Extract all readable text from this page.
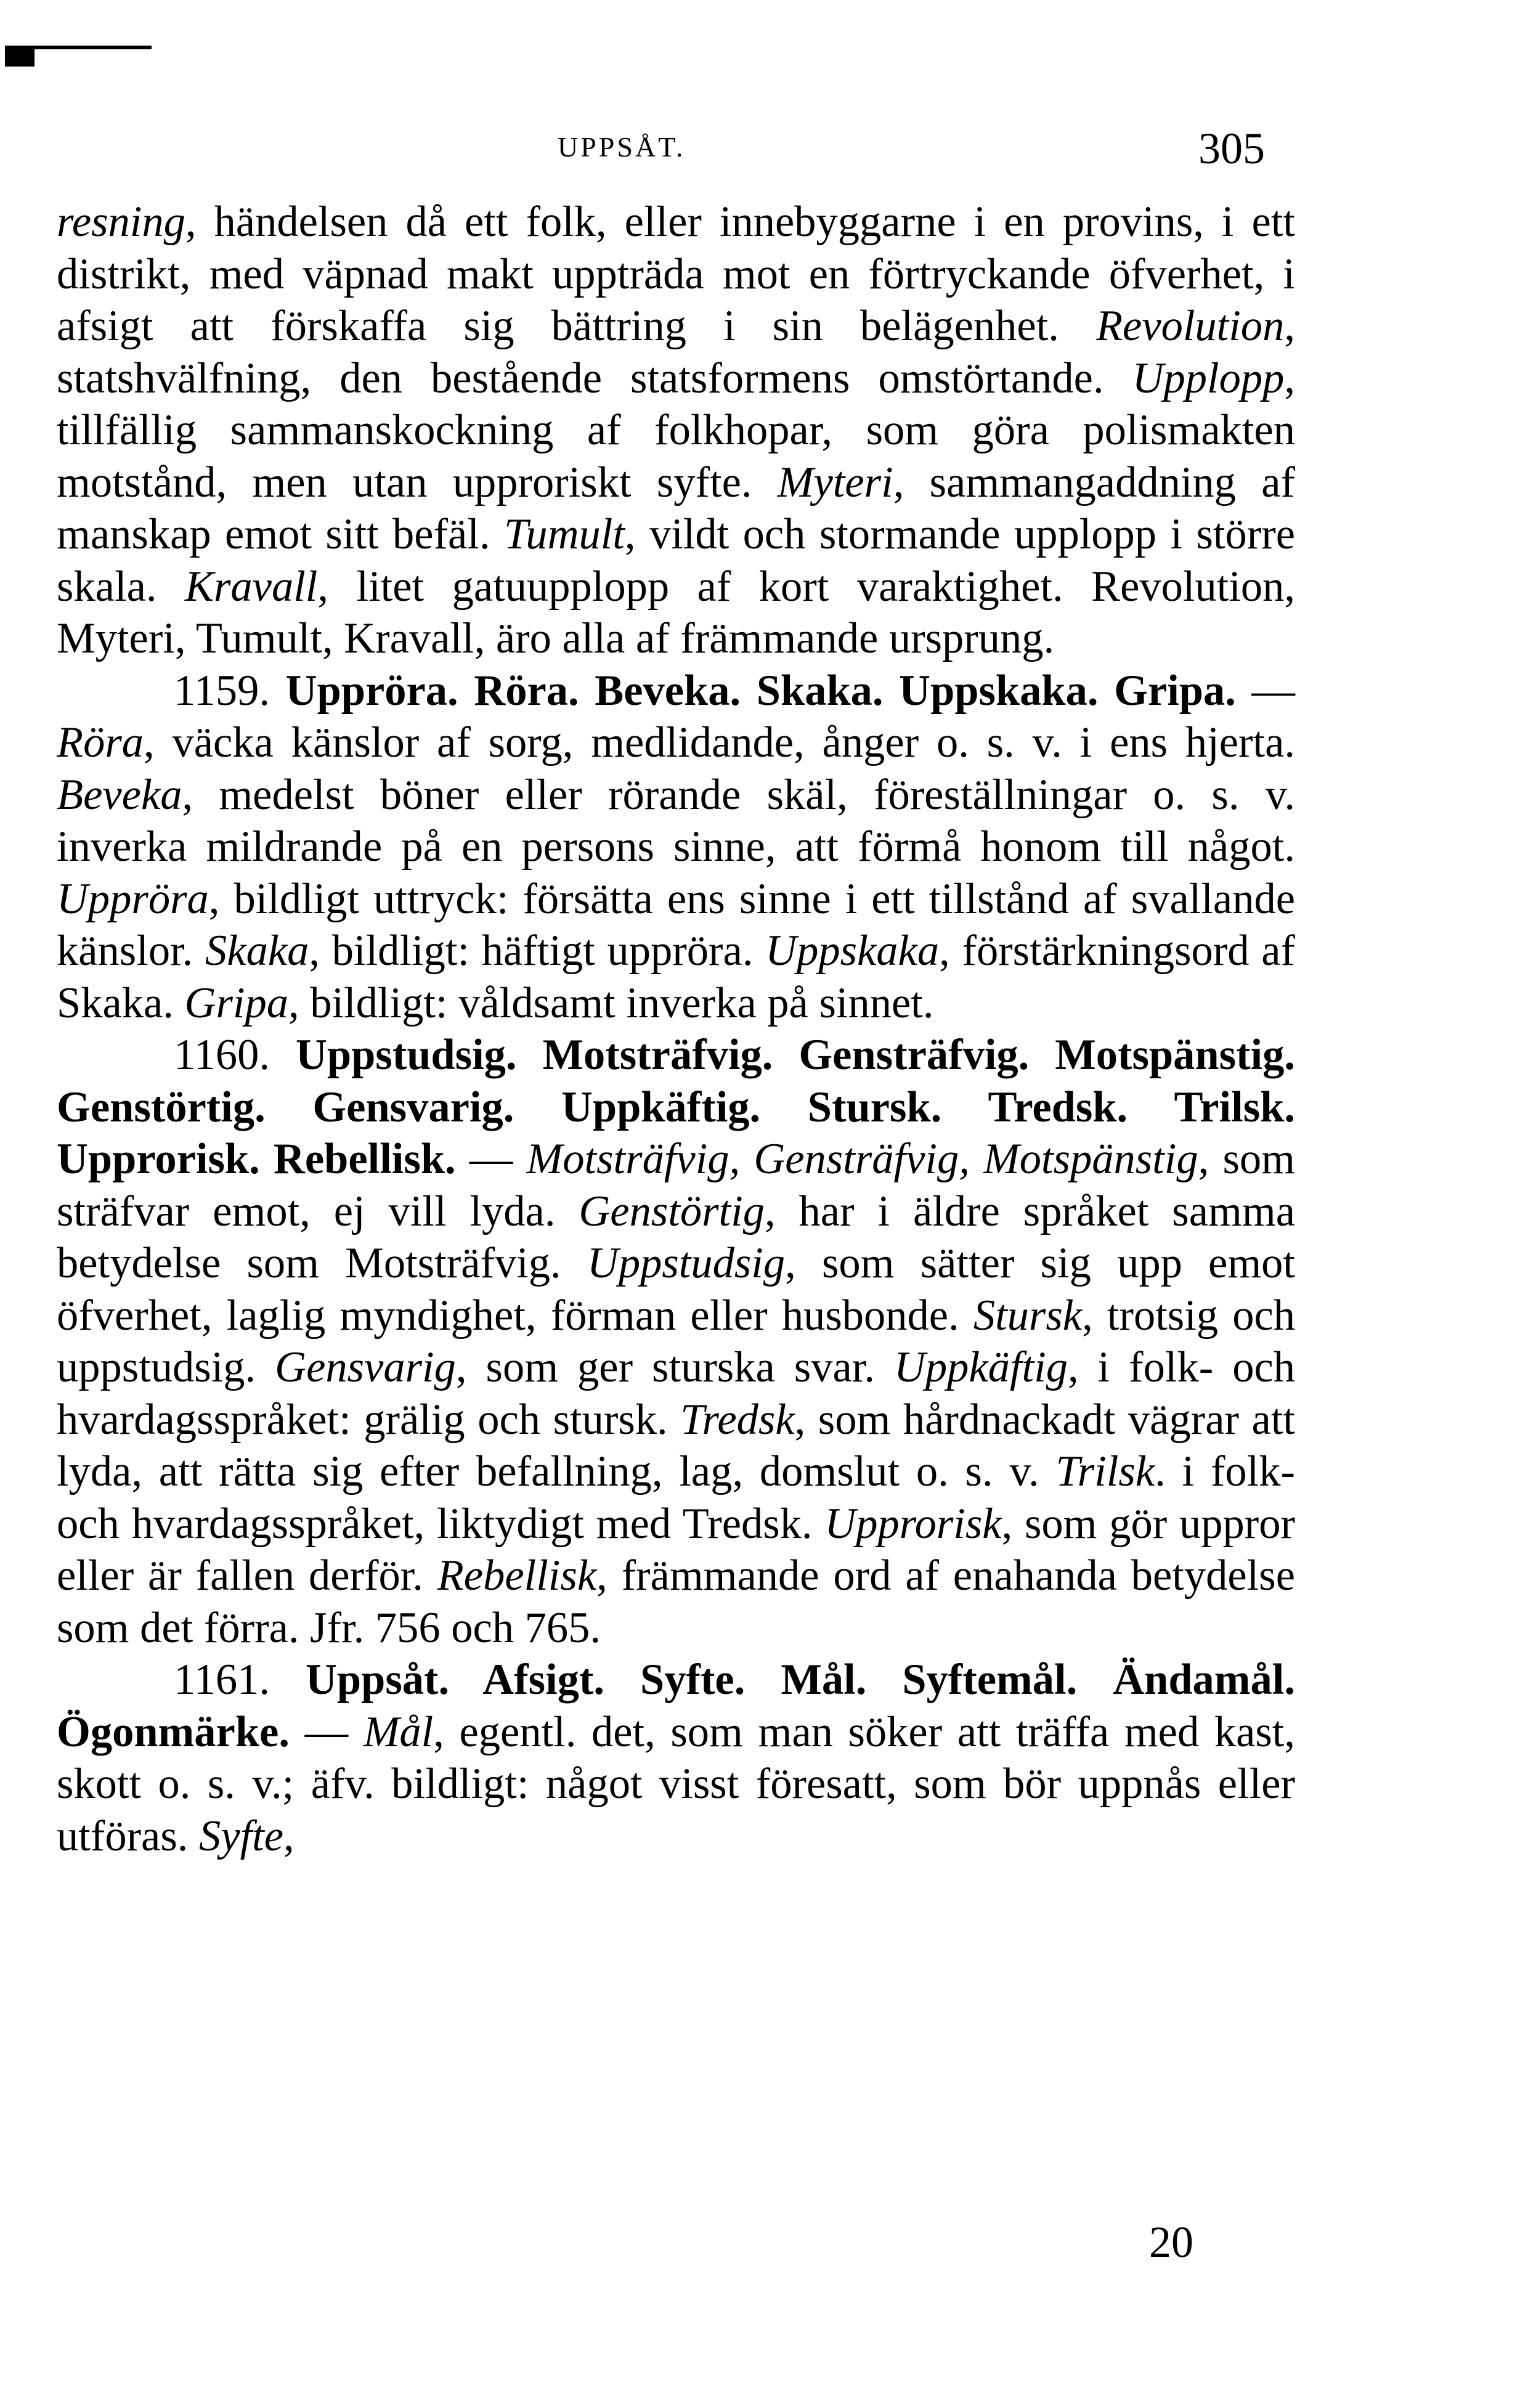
UPPSÅT.	305

resning, händelsen då ett folk, eller innebyggarne i en provins, i ett distrikt, med väpnad makt uppträda mot en förtryckande öfverhet, i afsigt att förskaffa sig bättring i sin belägenhet. Revolution, statshvälfning, den bestående statsformens omstörtande. Upplopp, tillfällig sammanskockning af folkhopar, som göra polismakten motstånd, men utan upproriskt syfte. Myteri, sammangaddning af manskap emot sitt befäl. Tumult, vildt och stormande upplopp i större skala. Kravall, litet gatuupplopp af kort varaktighet. Revolution, Myteri, Tumult, Kravall, äro alla af främmande ursprung.

1159. Uppröra. Röra. Beveka. Skaka. Uppskaka. Gripa. — Röra, väcka känslor af sorg, medlidande, ånger o. s. v. i ens hjerta. Beveka, medelst böner eller rörande skäl, föreställningar o. s. v. inverka mildrande på en persons sinne, att förmå honom till något. Uppröra, bildligt uttryck: försätta ens sinne i ett tillstånd af svallande känslor. Skaka, bildligt: häftigt uppröra. Uppskaka, förstärkningsord af Skaka. Gripa, bildligt: våldsamt inverka på sinnet.

1160. Uppstudsig. Motsträfvig. Gensträfvig. Motspänstig. Genstörtig. Gensvarig. Uppkäftig. Stursk. Tredsk. Trilsk. Upprorisk. Rebellisk. — Motsträfvig, Gensträfvig, Motspänstig, som sträfvar emot, ej vill lyda. Genstörtig, har i äldre språket samma betydelse som Motsträfvig. Uppstudsig, som sätter sig upp emot öfverhet, laglig myndighet, förman eller husbonde. Stursk, trotsig och uppstudsig. Gensvarig, som ger sturska svar. Uppkäftig, i folk- och hvardagsspråket: grälig och stursk. Tredsk, som hårdnackadt vägrar att lyda, att rätta sig efter befallning, lag, domslut o. s. v. Trilsk. i folk- och hvardagsspråket, liktydigt med Tredsk. Upprorisk, som gör uppror eller är fallen derför. Rebellisk, främmande ord af enahanda betydelse som det förra. Jfr. 756 och 765.

1161. Uppsåt. Afsigt. Syfte. Mål. Syftemål. Ändamål. Ögonmärke. — Mål, egentl. det, som man söker att träffa med kast, skott o. s. v.; äfv. bildligt: något visst föresatt, som bör uppnås eller utföras. Syfte,

20
